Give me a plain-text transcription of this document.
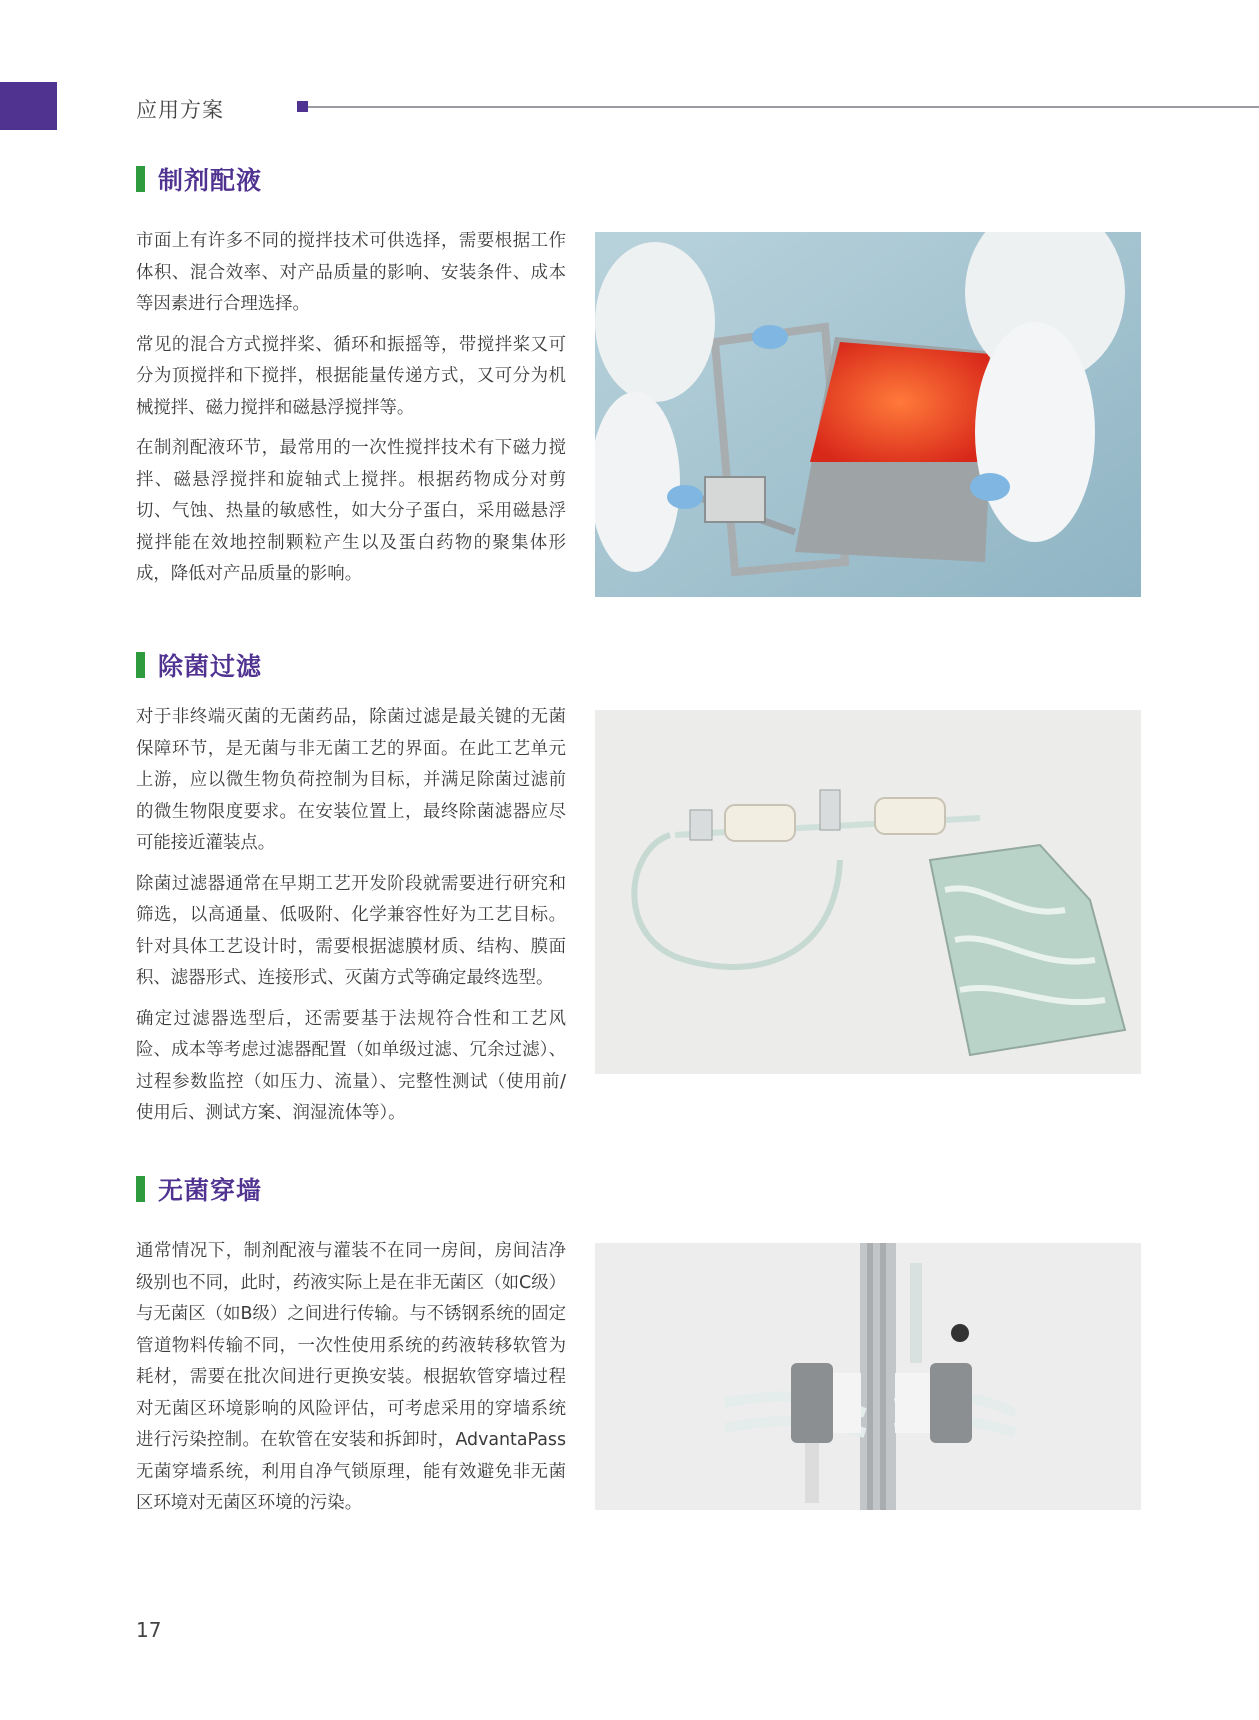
应用方案
制剂配液

市面上有许多不同的搅拌技术可供选择，需要根据工作体积、混合效率、对产品质量的影响、安装条件、成本等因素进行合理选择。

常见的混合方式搅拌桨、循环和振摇等，带搅拌桨又可分为顶搅拌和下搅拌，根据能量传递方式，又可分为机械搅拌、磁力搅拌和磁悬浮搅拌等。

在制剂配液环节，最常用的一次性搅拌技术有下磁力搅拌、磁悬浮搅拌和旋轴式上搅拌。根据药物成分对剪切、气蚀、热量的敏感性，如大分子蛋白，采用磁悬浮搅拌能在效地控制颗粒产生以及蛋白药物的聚集体形成，降低对产品质量的影响。

除菌过滤

对于非终端灭菌的无菌药品，除菌过滤是最关键的无菌保障环节，是无菌与非无菌工艺的界面。在此工艺单元上游，应以微生物负荷控制为目标，并满足除菌过滤前的微生物限度要求。在安装位置上，最终除菌滤器应尽可能接近灌装点。

除菌过滤器通常在早期工艺开发阶段就需要进行研究和筛选，以高通量、低吸附、化学兼容性好为工艺目标。针对具体工艺设计时，需要根据滤膜材质、结构、膜面积、滤器形式、连接形式、灭菌方式等确定最终选型。

确定过滤器选型后，还需要基于法规符合性和工艺风险、成本等考虑过滤器配置（如单级过滤、冗余过滤）、过程参数监控（如压力、流量）、完整性测试（使用前/使用后、测试方案、润湿流体等）。

无菌穿墙

通常情况下，制剂配液与灌装不在同一房间，房间洁净级别也不同，此时，药液实际上是在非无菌区（如C级）与无菌区（如B级）之间进行传输。与不锈钢系统的固定管道物料传输不同，一次性使用系统的药液转移软管为耗材，需要在批次间进行更换安装。根据软管穿墙过程对无菌区环境影响的风险评估，可考虑采用的穿墙系统进行污染控制。在软管在安装和拆卸时，AdvantaPass无菌穿墙系统，利用自净气锁原理，能有效避免非无菌区环境对无菌区环境的污染。

17
